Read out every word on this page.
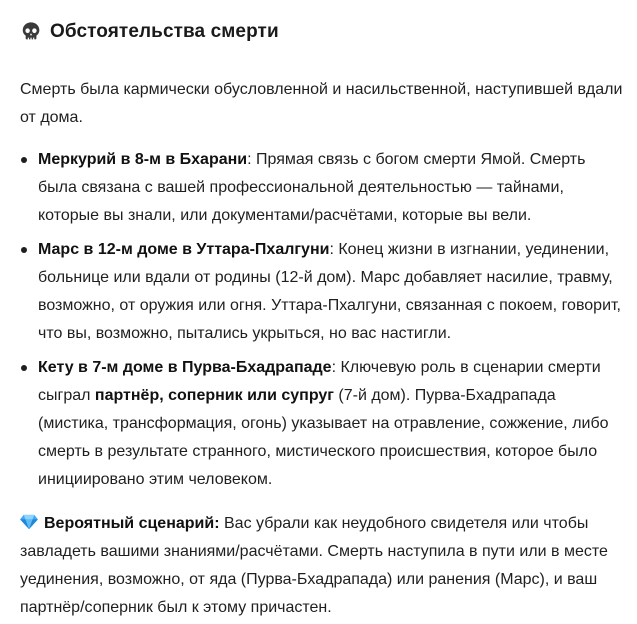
Обстоятельства смерти

Смерть была кармически обусловленной и насильственной, наступившей вдали от дома.

Меркурий в 8-м в Бхарани: Прямая связь с богом смерти Ямой. Смерть была связана с вашей профессиональной деятельностью — тайнами, которые вы знали, или документами/расчётами, которые вы вели.
Марс в 12-м доме в Уттара-Пхалгуни: Конец жизни в изгнании, уединении, больнице или вдали от родины (12-й дом). Марс добавляет насилие, травму, возможно, от оружия или огня. Уттара-Пхалгуни, связанная с покоем, говорит, что вы, возможно, пытались укрыться, но вас настигли.
Кету в 7-м доме в Пурва-Бхадрападе: Ключевую роль в сценарии смерти сыграл партнёр, соперник или супруг (7-й дом). Пурва-Бхадрапада (мистика, трансформация, огонь) указывает на отравление, сожжение, либо смерть в результате странного, мистического происшествия, которое было инициировано этим человеком.

Вероятный сценарий: Вас убрали как неудобного свидетеля или чтобы завладеть вашими знаниями/расчётами. Смерть наступила в пути или в месте уединения, возможно, от яда (Пурва-Бхадрапада) или ранения (Марс), и ваш партнёр/соперник был к этому причастен.
